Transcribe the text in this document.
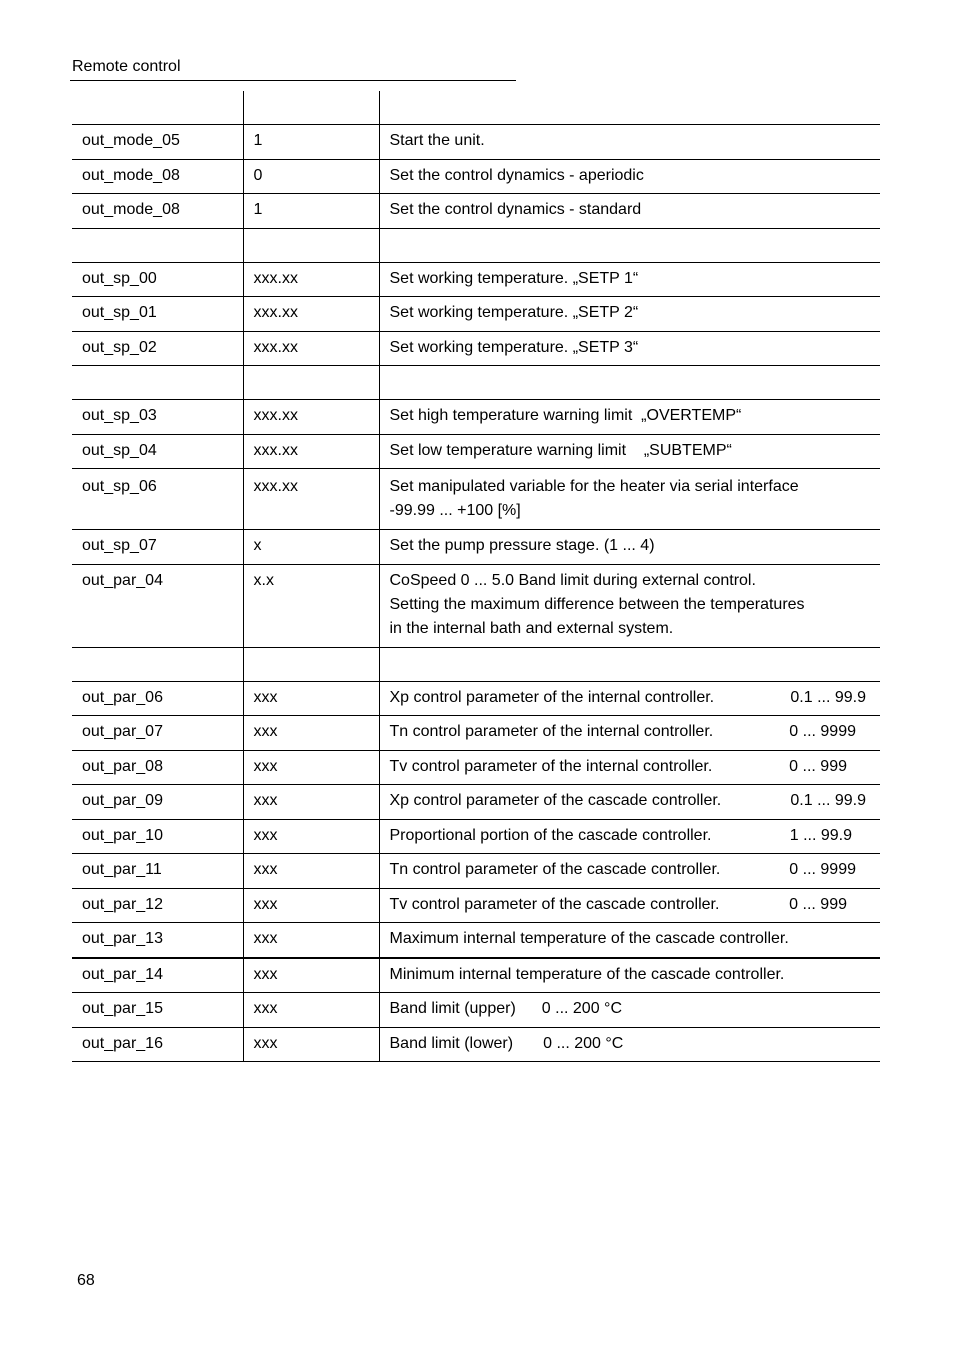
Remote control

out_mode_05	1	Start the unit.
out_mode_08	0	Set the control dynamics - aperiodic
out_mode_08	1	Set the control dynamics - standard

out_sp_00	xxx.xx	Set working temperature. „SETP 1“
out_sp_01	xxx.xx	Set working temperature. „SETP 2“
out_sp_02	xxx.xx	Set working temperature. „SETP 3“

out_sp_03	xxx.xx	Set high temperature warning limit  „OVERTEMP“
out_sp_04	xxx.xx	Set low temperature warning limit    „SUBTEMP“
out_sp_06	xxx.xx	Set manipulated variable for the heater via serial interface
-99.99 ... +100 [%]

out_sp_07	x	Set the pump pressure stage. (1 ... 4)
out_par_04	x.x	CoSpeed 0 ... 5.0 Band limit during external control.
Setting the maximum difference between the temperatures
in the internal bath and external system.

out_par_06	xxx	Xp control parameter of the internal controller. 0.1 ... 99.9

out_par_07	xxx	Tn control parameter of the internal controller. 0 ... 9999

out_par_08	xxx	Tv control parameter of the internal controller. 0 ... 999

out_par_09	xxx	Xp control parameter of the cascade controller. 0.1 ... 99.9

out_par_10	xxx	Proportional portion of the cascade controller. 1 ... 99.9

out_par_11	xxx	Tn control parameter of the cascade controller. 0 ... 9999

out_par_12	xxx	Tv control parameter of the cascade controller. 0 ... 999

out_par_13	xxx	Maximum internal temperature of the cascade controller.
out_par_14	xxx	Minimum internal temperature of the cascade controller.
out_par_15	xxx	Band limit (upper) 0 ... 200 °C
out_par_16	xxx	Band limit (lower) 0 ... 200 °C
68
